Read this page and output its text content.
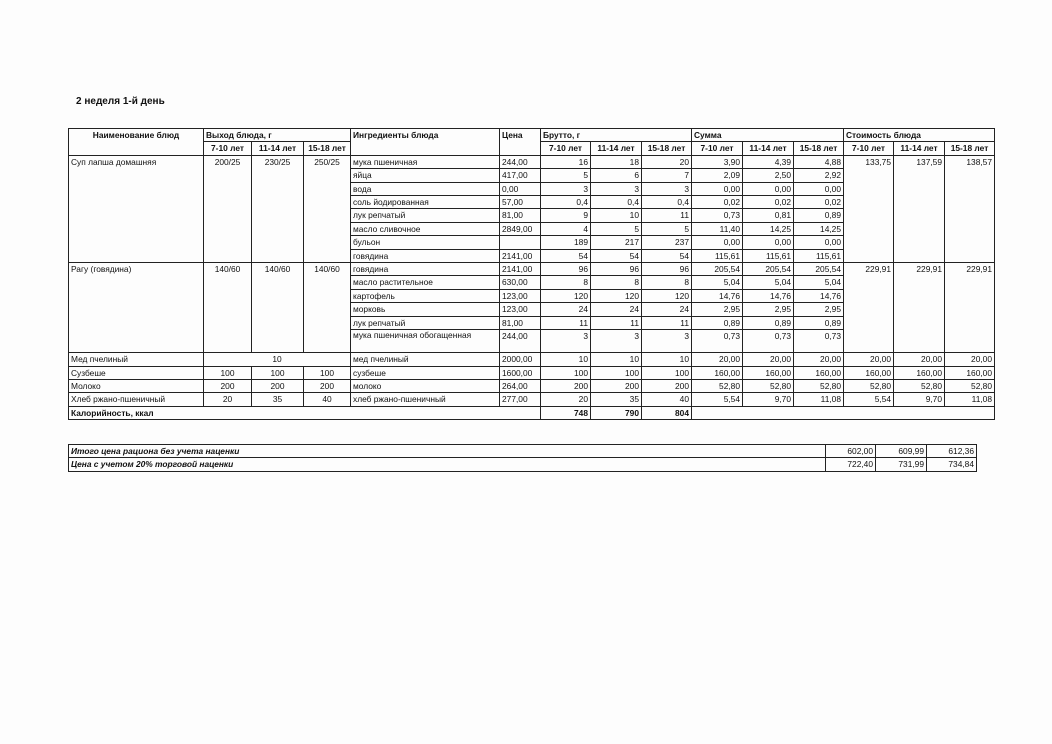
2 неделя 1-й день
Наименование блюд	Выход блюда, г			Ингредиенты блюда	Цена	Брутто, г			Сумма			Стоимость блюда		
	7-10 лет	11-14 лет	15-18 лет			7-10 лет	11-14 лет	15-18 лет	7-10 лет	11-14 лет	15-18 лет	7-10 лет	11-14 лет	15-18 лет
Суп лапша домашняя	200/25	230/25	250/25	мука пшеничная	244,00	16	18	20	3,90	4,39	4,88	133,75	137,59	138,57
				яйца	417,00	5	6	7	2,09	2,50	2,92			
				вода	0,00	3	3	3	0,00	0,00	0,00			
				соль йодированная	57,00	0,4	0,4	0,4	0,02	0,02	0,02			
				лук репчатый	81,00	9	10	11	0,73	0,81	0,89			
				масло сливочное	2849,00	4	5	5	11,40	14,25	14,25			
				бульон		189	217	237	0,00	0,00	0,00			
				говядина	2141,00	54	54	54	115,61	115,61	115,61			
Рагу (говядина)	140/60	140/60	140/60	говядина	2141,00	96	96	96	205,54	205,54	205,54	229,91	229,91	229,91
				масло растительное	630,00	8	8	8	5,04	5,04	5,04			
				картофель	123,00	120	120	120	14,76	14,76	14,76			
				морковь	123,00	24	24	24	2,95	2,95	2,95			
				лук репчатый	81,00	11	11	11	0,89	0,89	0,89			
				мука пшеничная обогащенная	244,00	3	3	3	0,73	0,73	0,73			
Мед пчелиный	10			мед пчелиный	2000,00	10	10	10	20,00	20,00	20,00	20,00	20,00	20,00
Сузбеше	100	100	100	сузбеше	1600,00	100	100	100	160,00	160,00	160,00	160,00	160,00	160,00
Молоко	200	200	200	молоко	264,00	200	200	200	52,80	52,80	52,80	52,80	52,80	52,80
Хлеб ржано-пшеничный	20	35	40	хлеб ржано-пшеничный	277,00	20	35	40	5,54	9,70	11,08	5,54	9,70	11,08
Калорийность, ккал						748	790	804						
Итого цена рациона без учета наценки	602,00	609,99	612,36
Цена с учетом 20% торговой наценки	722,40	731,99	734,84
